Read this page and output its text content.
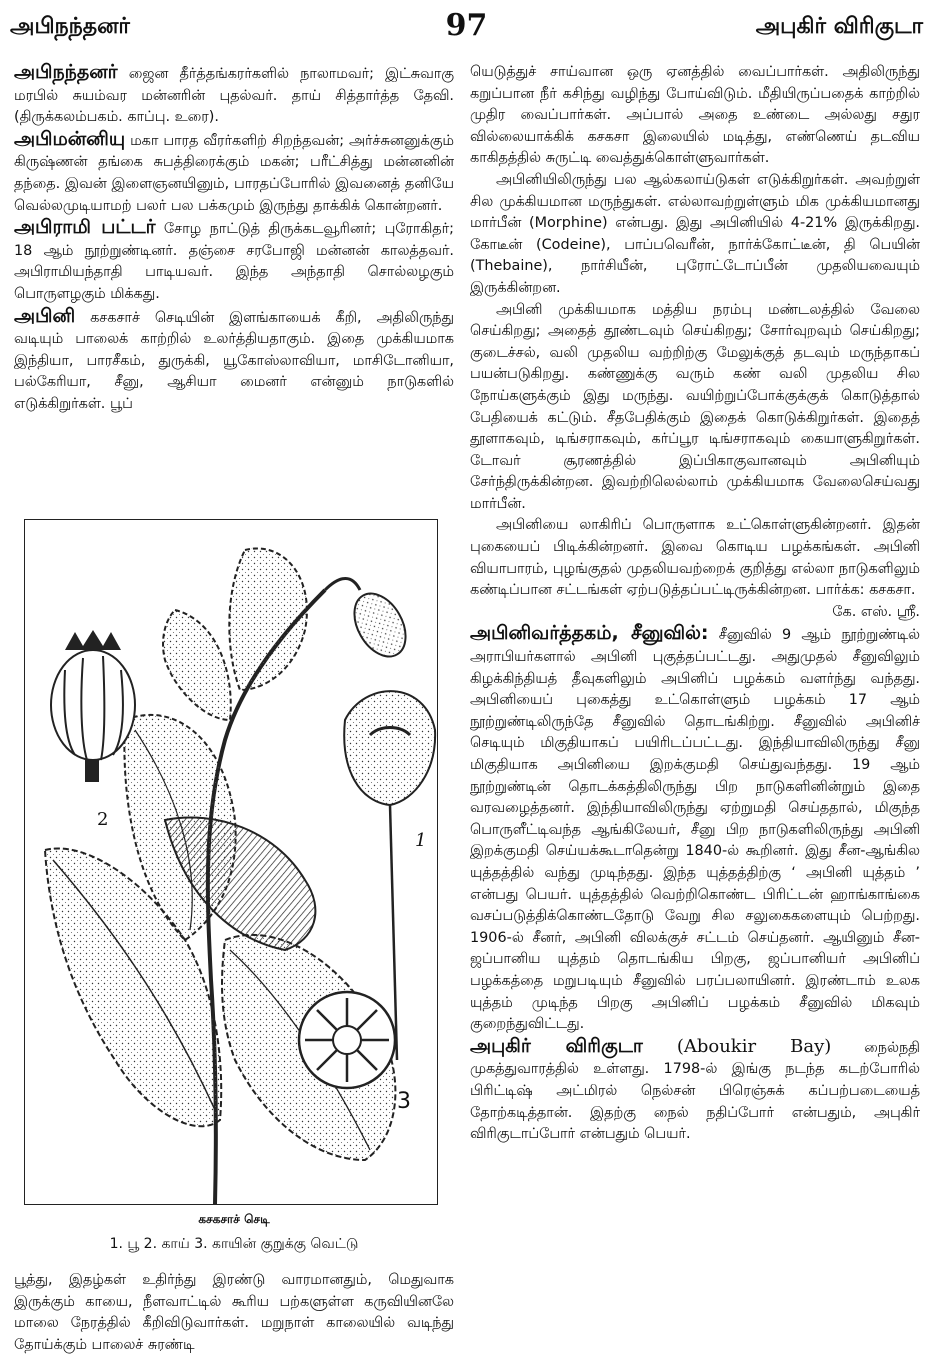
அபிநந்தனர்	97	அபுகிர் விரிகுடா

அபிநந்தனர் ஜைன தீர்த்தங்கரர்களில் நாலாமவர்; இட்சுவாகு மரபில் சுயம்வர மன்னரின் புதல்வர். தாய் சித்தார்த்த தேவி. (திருக்கலம்பகம். காப்பு. உரை).

அபிமன்னியு மகா பாரத வீரர்களிற் சிறந்தவன்; அர்ச்சுனனுக்கும் கிருஷ்ணன் தங்கை சுபத்திரைக்கும் மகன்; பரீட்சித்து மன்னனின் தந்தை. இவன் இளைஞனயினும், பாரதப்போரில் இவனைத் தனியே வெல்லமுடியாமற் பலர் பல பக்கமும் இருந்து தாக்கிக் கொன்றனர்.

அபிராமி பட்டர் சோழ நாட்டுத் திருக்கடவூரினர்; புரோகிதர்; 18 ஆம் நூற்றுண்டினர். தஞ்சை சரபோஜி மன்னன் காலத்தவர். அபிராமியந்தாதி பாடியவர். இந்த அந்தாதி சொல்லழகும் பொருளழகும் மிக்கது.

அபினி கசகசாச் செடியின் இளங்காயைக் கீறி, அதிலிருந்து வடியும் பாலைக் காற்றில் உலர்த்தியதாகும். இதை முக்கியமாக இந்தியா, பாரசீகம், துருக்கி, யூகோஸ்லாவியா, மாசிடோனியா, பல்கேரியா, சீனு, ஆசியா மைனர் என்னும் நாடுகளில் எடுக்கிறுர்கள். பூப்

2
1
3
கசகசாச் செடி
1. பூ 2. காய் 3. காயின் குறுக்கு வெட்டு

பூத்து, இதழ்கள் உதிர்ந்து இரண்டு வாரமானதும், மெதுவாக இருக்கும் காயை, நீளவாட்டில் கூரிய பற்களுள்ள கருவியினலே மாலை நேரத்தில் கீறிவிடுவார்கள். மறுநாள் காலையில் வடிந்து தோய்க்கும் பாலைச் சுரண்டி

யெடுத்துச் சாய்வான ஒரு ஏனத்தில் வைப்பார்கள். அதிலிருந்து கறுப்பான நீர் கசிந்து வழிந்து போய்விடும். மீதியிருப்பதைக் காற்றில் முதிர வைப்பார்கள். அப்பால் அதை உண்டை அல்லது சதுர வில்லையாக்கிக் கசகசா இலையில் மடித்து, எண்ணெய் தடவிய காகிதத்தில் சுருட்டி வைத்துக்கொள்ளுவார்கள்.

அபினியிலிருந்து பல ஆல்கலாய்டுகள் எடுக்கிறுர்கள். அவற்றுள் சில முக்கியமான மருந்துகள். எல்லாவற்றுள்ளும் மிக முக்கியமானது மார்பீன் (Morphine) என்பது. இது அபினியில் 4-21% இருக்கிறது. கோடீன் (Codeine), பாப்பவெரீன், நார்க்கோட்டீன், தி பெயின் (Thebaine), நார்சியீன், புரோட்டோப்பீன் முதலியவையும் இருக்கின்றன.

அபினி முக்கியமாக மத்திய நரம்பு மண்டலத்தில் வேலை செய்கிறது; அதைத் தூண்டவும் செய்கிறது; சோர்வுறவும் செய்கிறது; குடைச்சல், வலி முதலிய வற்றிற்கு மேலுக்குத் தடவும் மருந்தாகப் பயன்படுகிறது. கண்ணுக்கு வரும் கண் வலி முதலிய சில நோய்களுக்கும் இது மருந்து. வயிற்றுப்போக்குக்குக் கொடுத்தால் பேதியைக் கட்டும். சீதபேதிக்கும் இதைக் கொடுக்கிறுர்கள். இதைத் தூளாகவும், டிங்சராகவும், கர்ப்பூர டிங்சராகவும் கையாளுகிறுர்கள். டோவர் சூரணத்தில் இப்பிகாகுவானவும் அபினியும் சேர்ந்திருக்கின்றன. இவற்றிலெல்லாம் முக்கியமாக வேலைசெய்வது மார்பீன்.

அபினியை லாகிரிப் பொருளாக உட்கொள்ளுகின்றனர். இதன் புகையைப் பிடிக்கின்றனர். இவை கொடிய பழக்கங்கள். அபினி வியாபாரம், புழங்குதல் முதலியவற்றைக் குறித்து எல்லா நாடுகளிலும் கண்டிப்பான சட்டங்கள் ஏற்படுத்தப்பட்டிருக்கின்றன. பார்க்க: கசகசா.
கே. எஸ். ஸ்ரீ.

அபினிவர்த்தகம், சீனுவில்: சீனுவில் 9 ஆம் நூற்றுண்டில் அராபியர்களால் அபினி புகுத்தப்பட்டது. அதுமுதல் சீனுவிலும் கிழக்கிந்தியத் தீவுகளிலும் அபினிப் பழக்கம் வளர்ந்து வந்தது. அபினியைப் புகைத்து உட்கொள்ளும் பழக்கம் 17 ஆம் நூற்றுண்டிலிருந்தே சீனுவில் தொடங்கிற்று. சீனுவில் அபினிச் செடியும் மிகுதியாகப் பயிரிடப்பட்டது. இந்தியாவிலிருந்து சீனு மிகுதியாக அபினியை இறக்குமதி செய்துவந்தது. 19 ஆம் நூற்றுண்டின் தொடக்கத்திலிருந்து பிற நாடுகளினின்றும் இதை வரவழைத்தனர். இந்தியாவிலிருந்து ஏற்றுமதி செய்ததால், மிகுந்த பொருளீட்டிவந்த ஆங்கிலேயர், சீனு பிற நாடுகளிலிருந்து அபினி இறக்குமதி செய்யக்கூடாதென்று 1840-ல் கூறினர். இது சீன-ஆங்கில யுத்தத்தில் வந்து முடிந்தது. இந்த யுத்தத்திற்கு ‘ அபினி யுத்தம் ’ என்பது பெயர். யுத்தத்தில் வெற்றிகொண்ட பிரிட்டன் ஹாங்காங்கை வசப்படுத்திக்கொண்டதோடு வேறு சில சலுகைகளையும் பெற்றது. 1906-ல் சீனர், அபினி விலக்குச் சட்டம் செய்தனர். ஆயினும் சீன-ஜப்பானிய யுத்தம் தொடங்கிய பிறகு, ஜப்பானியர் அபினிப் பழக்கத்தை மறுபடியும் சீனுவில் பரப்பலாயினர். இரண்டாம் உலக யுத்தம் முடிந்த பிறகு அபினிப் பழக்கம் சீனுவில் மிகவும் குறைந்துவிட்டது.

அபுகிர் விரிகுடா (Aboukir Bay) நைல்நதி முகத்துவாரத்தில் உள்ளது. 1798-ல் இங்கு நடந்த கடற்போரில் பிரிட்டிஷ் அட்மிரல் நெல்சன் பிரெஞ்சுக் கப்பற்படையைத் தோற்கடித்தான். இதற்கு நைல் நதிப்போர் என்பதும், அபுகிர் விரிகுடாப்போர் என்பதும் பெயர்.
